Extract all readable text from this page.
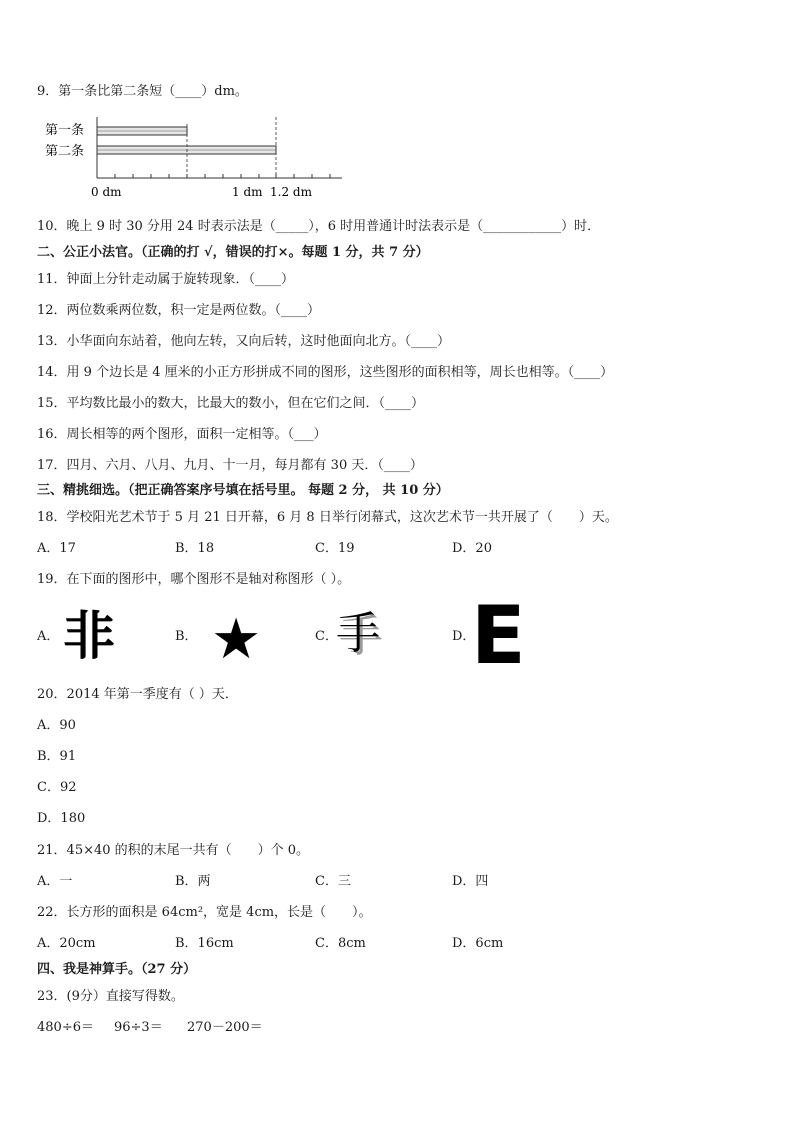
9．第一条比第二条短（____）dm。
第一条
第二条
0 dm	1 dm 1.2 dm
10．晚上 9 时 30 分用 24 时表示法是（_____），6 时用普通计时法表示是（____________）时．
二、公正小法官。（正确的打 √，错误的打×。每题 1 分，共 7 分）
11．钟面上分针走动属于旋转现象．（____）
12．两位数乘两位数，积一定是两位数。（____）
13．小华面向东站着，他向左转，又向后转，这时他面向北方。（____）
14．用 9 个边长是 4 厘米的小正方形拼成不同的图形，这些图形的面积相等，周长也相等。（____）
15．平均数比最小的数大，比最大的数小，但在它们之间．（____）
16．周长相等的两个图形，面积一定相等。（___）
17．四月、六月、八月、九月、十一月，每月都有 30 天．（____）
三、精挑细选。（把正确答案序号填在括号里。 每题 2 分， 共 10 分）
18．学校阳光艺术节于 5 月 21 日开幕，6 月 8 日举行闭幕式，这次艺术节一共开展了（　　）天。
A．17	B．18	C．19	D．20
19．在下面的图形中，哪个图形不是轴对称图形（ ）。
A． 非	B． ★	C．
手	D．
E
20．2014 年第一季度有（ ）天．
A．90
B．91
C．92
D．180
21．45×40 的积的末尾一共有（　　）个 0。
A．一	B．两	C．三	D．四
22．长方形的面积是 64cm²，宽是 4cm，长是（　　）。
A．20cm	B．16cm	C．8cm	D．6cm
四、我是神算手。（27 分）
23．(9分）直接写得数。
480÷6＝ 96÷3＝ 270－200＝
